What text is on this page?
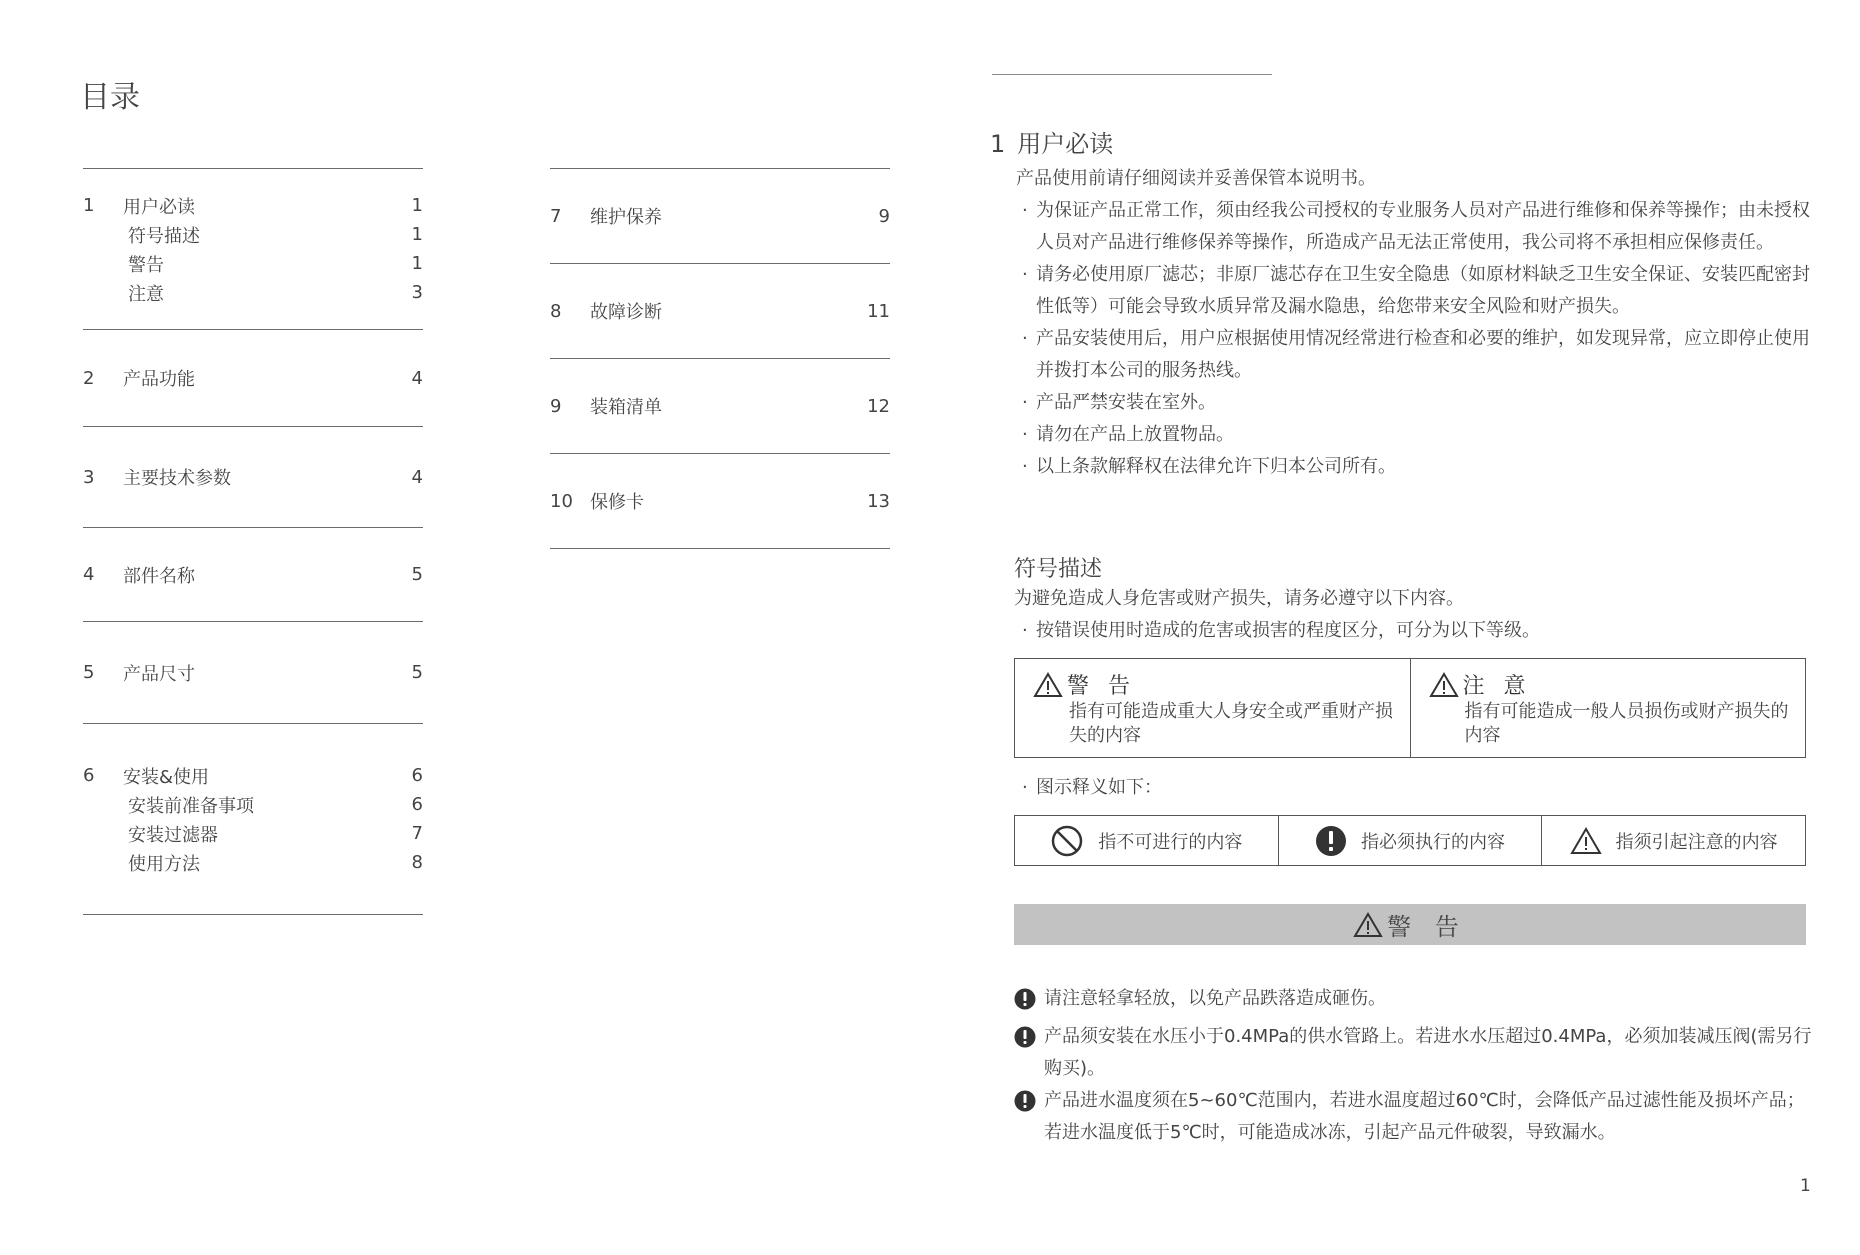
目录
1	用户必读	1
符号描述	1
警告	1
注意	3
2	产品功能	4
3	主要技术参数	4
4	部件名称	5
5	产品尺寸	5
6	安装&使用	6
安装前准备事项	6
安装过滤器	7
使用方法	8
7	维护保养	9
8	故障诊断	11
9	装箱清单	12
10 保修卡	13
1 用户必读
产品使用前请仔细阅读并妥善保管本说明书。
· 为保证产品正常工作，须由经我公司授权的专业服务人员对产品进行维修和保养等操作；由未授权人员对产品进行维修保养等操作，所造成产品无法正常使用，我公司将不承担相应保修责任。
· 请务必使用原厂滤芯；非原厂滤芯存在卫生安全隐患（如原材料缺乏卫生安全保证、安装匹配密封性低等）可能会导致水质异常及漏水隐患，给您带来安全风险和财产损失。
· 产品安装使用后，用户应根据使用情况经常进行检查和必要的维护，如发现异常，应立即停止使用并拨打本公司的服务热线。
· 产品严禁安装在室外。
· 请勿在产品上放置物品。
· 以上条款解释权在法律允许下归本公司所有。
符号描述
为避免造成人身危害或财产损失，请务必遵守以下内容。
· 按错误使用时造成的危害或损害的程度区分，可分为以下等级。
警 告
指有可能造成重大人身安全或严重财产损失的内容
注 意
指有可能造成一般人员损伤或财产损失的内容
· 图示释义如下：
指不可进行的内容	指必须执行的内容	指须引起注意的内容
警 告
请注意轻拿轻放，以免产品跌落造成砸伤。
产品须安装在水压小于0.4MPa的供水管路上。若进水水压超过0.4MPa，必须加装减压阀(需另行购买)。
产品进水温度须在5~60℃范围内，若进水温度超过60℃时，会降低产品过滤性能及损坏产品；若进水温度低于5℃时，可能造成冰冻，引起产品元件破裂，导致漏水。
1
